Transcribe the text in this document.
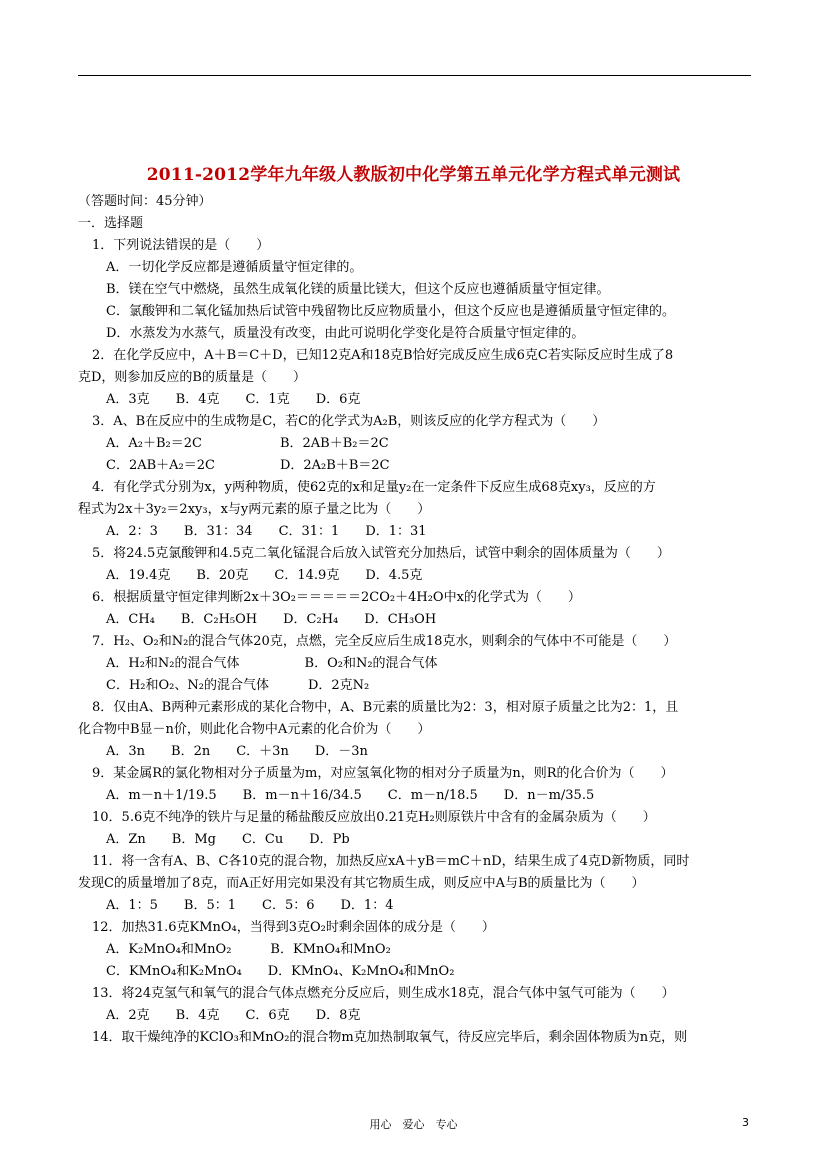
2011-2012学年九年级人教版初中化学第五单元化学方程式单元测试
（答题时间：45分钟）
一．选择题
1．下列说法错误的是（　　）
A．一切化学反应都是遵循质量守恒定律的。
B．镁在空气中燃烧，虽然生成氧化镁的质量比镁大，但这个反应也遵循质量守恒定律。
C．氯酸钾和二氧化锰加热后试管中残留物比反应物质量小，但这个反应也是遵循质量守恒定律的。
D．水蒸发为水蒸气，质量没有改变，由此可说明化学变化是符合质量守恒定律的。
2．在化学反应中，A＋B＝C＋D，已知12克A和18克B恰好完成反应生成6克C若实际反应时生成了8
克D，则参加反应的B的质量是（　　）
A．3克　　B．4克　　C．1克　　D．6克
3．A、B在反应中的生成物是C，若C的化学式为A₂B，则该反应的化学方程式为（　　）
A．A₂＋B₂＝2C　　　　　　B．2AB＋B₂＝2C
C．2AB＋A₂＝2C　　　　　D．2A₂B＋B＝2C
4．有化学式分别为x，y两种物质，使62克的x和足量y₂在一定条件下反应生成68克xy₃，反应的方
程式为2x＋3y₂＝2xy₃，x与y两元素的原子量之比为（　　）
A．2：3　　B．31：34　　C．31：1　　D．1：31
5．将24.5克氯酸钾和4.5克二氧化锰混合后放入试管充分加热后，试管中剩余的固体质量为（　　）
A．19.4克　　B．20克　　C．14.9克　　D．4.5克
6．根据质量守恒定律判断2x＋3O₂＝＝＝＝＝2CO₂＋4H₂O中x的化学式为（　　）
A．CH₄　　B．C₂H₅OH　　D．C₂H₄　　D．CH₃OH
7．H₂、O₂和N₂的混合气体20克，点燃，完全反应后生成18克水，则剩余的气体中不可能是（　　）
A．H₂和N₂的混合气体　　　　　B．O₂和N₂的混合气体
C．H₂和O₂、N₂的混合气体　　　D．2克N₂
8．仅由A、B两种元素形成的某化合物中，A、B元素的质量比为2：3，相对原子质量之比为2：1，且
化合物中B显－n价，则此化合物中A元素的化合价为（　　）
A．3n　　B．2n　　C．＋3n　　D．－3n
9．某金属R的氯化物相对分子质量为m，对应氢氧化物的相对分子质量为n，则R的化合价为（　　）
A．m－n＋1/19.5　　B．m－n＋16/34.5　　C．m－n/18.5　　D．n－m/35.5
10．5.6克不纯净的铁片与足量的稀盐酸反应放出0.21克H₂则原铁片中含有的金属杂质为（　　）
A．Zn　　B．Mg　　C．Cu　　D．Pb
11．将一含有A、B、C各10克的混合物，加热反应xA＋yB＝mC＋nD，结果生成了4克D新物质，同时
发现C的质量增加了8克，而A正好用完如果没有其它物质生成，则反应中A与B的质量比为（　　）
A．1：5　　B．5：1　　C．5：6　　D．1：4
12．加热31.6克KMnO₄，当得到3克O₂时剩余固体的成分是（　　）
A．K₂MnO₄和MnO₂　　　B．KMnO₄和MnO₂
C．KMnO₄和K₂MnO₄　　D．KMnO₄、K₂MnO₄和MnO₂
13．将24克氢气和氧气的混合气体点燃充分反应后，则生成水18克，混合气体中氢气可能为（　　）
A．2克　　B．4克　　C．6克　　D．8克
14．取干燥纯净的KClO₃和MnO₂的混合物m克加热制取氧气，待反应完毕后，剩余固体物质为n克，则
用心　爱心　专心	3
